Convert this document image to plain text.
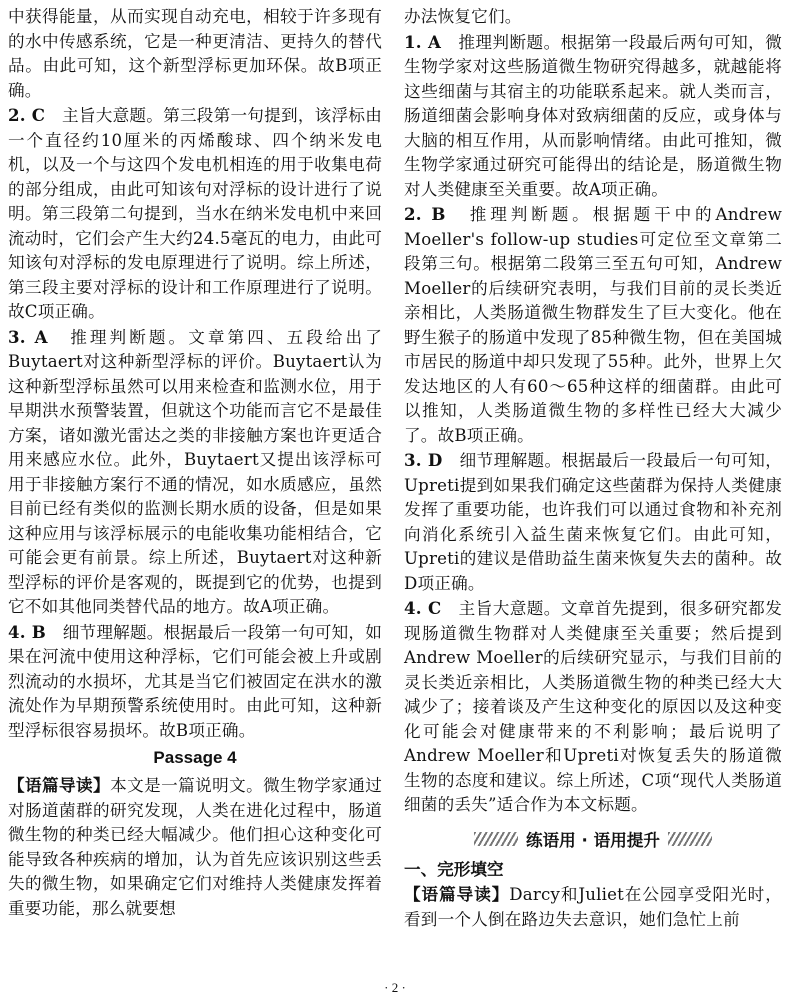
中获得能量，从而实现自动充电，相较于许多现有的水中传感系统，它是一种更清洁、更持久的替代品。由此可知，这个新型浮标更加环保。故B项正确。

2. C　主旨大意题。第三段第一句提到，该浮标由一个直径约10厘米的丙烯酸球、四个纳米发电机，以及一个与这四个发电机相连的用于收集电荷的部分组成，由此可知该句对浮标的设计进行了说明。第三段第二句提到，当水在纳米发电机中来回流动时，它们会产生大约24.5毫瓦的电力，由此可知该句对浮标的发电原理进行了说明。综上所述，第三段主要对浮标的设计和工作原理进行了说明。故C项正确。

3. A　推理判断题。文章第四、五段给出了Buytaert对这种新型浮标的评价。Buytaert认为这种新型浮标虽然可以用来检查和监测水位，用于早期洪水预警装置，但就这个功能而言它不是最佳方案，诸如激光雷达之类的非接触方案也许更适合用来感应水位。此外，Buytaert又提出该浮标可用于非接触方案行不通的情况，如水质感应，虽然目前已经有类似的监测长期水质的设备，但是如果这种应用与该浮标展示的电能收集功能相结合，它可能会更有前景。综上所述，Buytaert对这种新型浮标的评价是客观的，既提到它的优势，也提到它不如其他同类替代品的地方。故A项正确。

4. B　细节理解题。根据最后一段第一句可知，如果在河流中使用这种浮标，它们可能会被上升或剧烈流动的水损坏，尤其是当它们被固定在洪水的激流处作为早期预警系统使用时。由此可知，这种新型浮标很容易损坏。故B项正确。

Passage 4

【语篇导读】本文是一篇说明文。微生物学家通过对肠道菌群的研究发现，人类在进化过程中，肠道微生物的种类已经大幅减少。他们担心这种变化可能导致各种疾病的增加，认为首先应该识别这些丢失的微生物，如果确定它们对维持人类健康发挥着重要功能，那么就要想

办法恢复它们。

1. A　推理判断题。根据第一段最后两句可知，微生物学家对这些肠道微生物研究得越多，就越能将这些细菌与其宿主的功能联系起来。就人类而言，肠道细菌会影响身体对致病细菌的反应，或身体与大脑的相互作用，从而影响情绪。由此可推知，微生物学家通过研究可能得出的结论是，肠道微生物对人类健康至关重要。故A项正确。

2. B　推理判断题。根据题干中的Andrew Moeller's follow-up studies可定位至文章第二段第三句。根据第二段第三至五句可知，Andrew Moeller的后续研究表明，与我们目前的灵长类近亲相比，人类肠道微生物群发生了巨大变化。他在野生猴子的肠道中发现了85种微生物，但在美国城市居民的肠道中却只发现了55种。此外，世界上欠发达地区的人有60～65种这样的细菌群。由此可以推知，人类肠道微生物的多样性已经大大减少了。故B项正确。

3. D　细节理解题。根据最后一段最后一句可知，Upreti提到如果我们确定这些菌群为保持人类健康发挥了重要功能，也许我们可以通过食物和补充剂向消化系统引入益生菌来恢复它们。由此可知，Upreti的建议是借助益生菌来恢复失去的菌种。故D项正确。

4. C　主旨大意题。文章首先提到，很多研究都发现肠道微生物群对人类健康至关重要；然后提到Andrew Moeller的后续研究显示，与我们目前的灵长类近亲相比，人类肠道微生物的种类已经大大减少了；接着谈及产生这种变化的原因以及这种变化可能会对健康带来的不利影响；最后说明了Andrew Moeller和Upreti对恢复丢失的肠道微生物的态度和建议。综上所述，C项“现代人类肠道细菌的丢失”适合作为本文标题。

练语用 · 语用提升
一、完形填空

【语篇导读】Darcy和Juliet在公园享受阳光时，看到一个人倒在路边失去意识，她们急忙上前

· 2 ·
